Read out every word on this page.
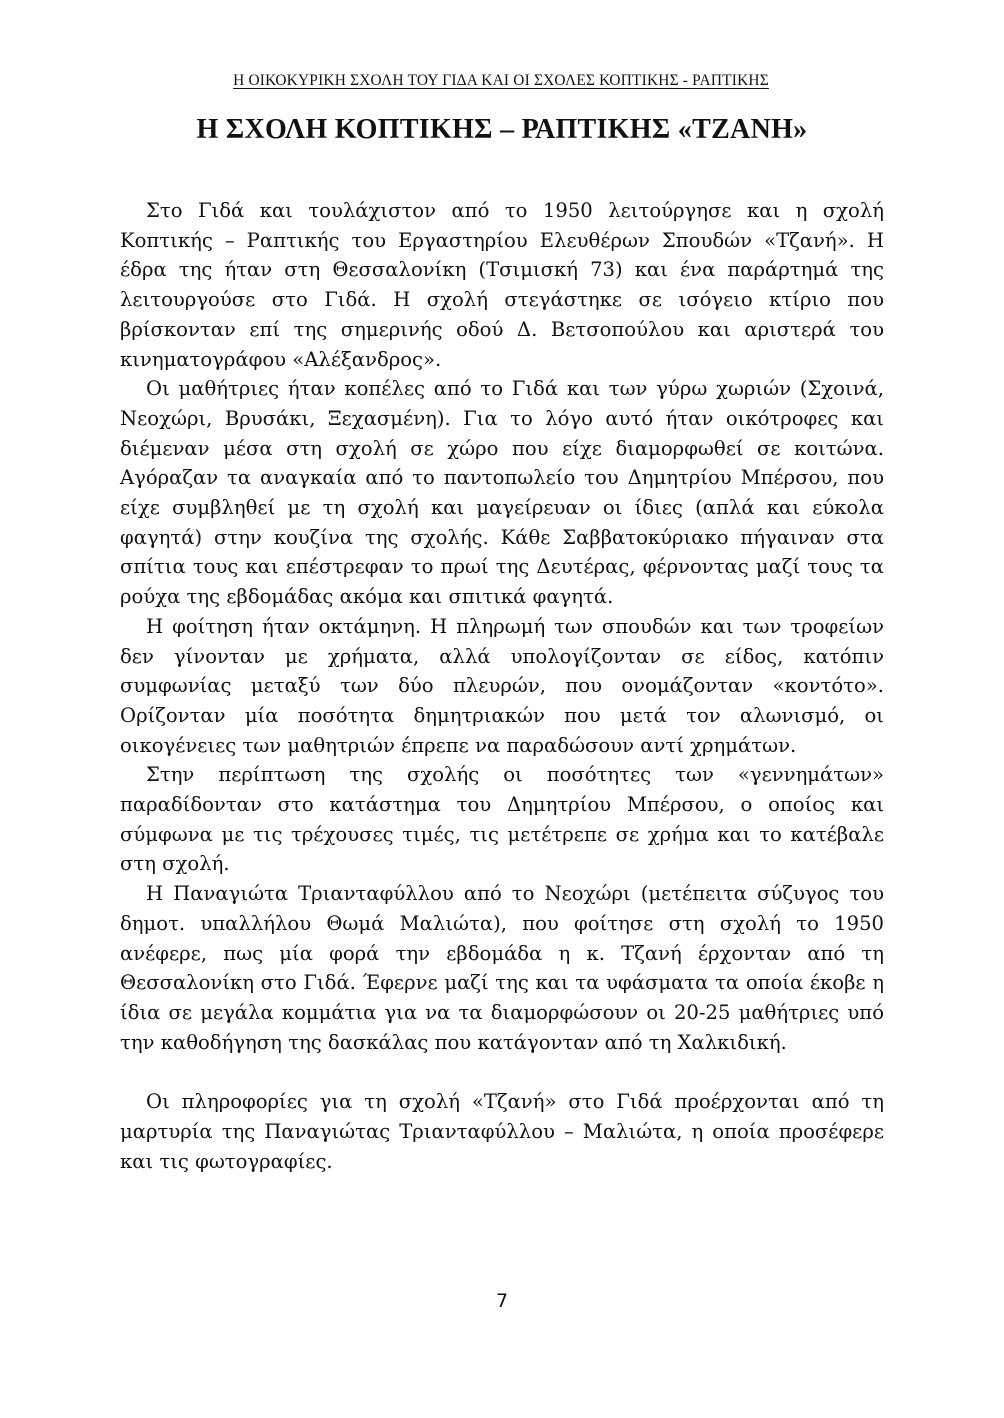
Η ΟΙΚΟΚΥΡΙΚΗ ΣΧΟΛΗ ΤΟΥ ΓΙΔΑ ΚΑΙ ΟΙ ΣΧΟΛΕΣ ΚΟΠΤΙΚΗΣ - ΡΑΠΤΙΚΗΣ
Η ΣΧΟΛΗ ΚΟΠΤΙΚΗΣ – ΡΑΠΤΙΚΗΣ «ΤΖΑΝΗ»

Στο Γιδά και τουλάχιστον από το 1950 λειτούργησε και η σχολή Κοπτικής – Ραπτικής του Εργαστηρίου Ελευθέρων Σπουδών «Τζανή». Η έδρα της ήταν στη Θεσσαλονίκη (Τσιμισκή 73) και ένα παράρτημά της λειτουργούσε στο Γιδά. Η σχολή στεγάστηκε σε ισόγειο κτίριο που βρίσκονταν επί της σημερινής οδού Δ. Βετσοπούλου και αριστερά του κινηματογράφου «Αλέξανδρος».

Οι μαθήτριες ήταν κοπέλες από το Γιδά και των γύρω χωριών (Σχοινά, Νεοχώρι, Βρυσάκι, Ξεχασμένη). Για το λόγο αυτό ήταν οικότροφες και διέμεναν μέσα στη σχολή σε χώρο που είχε διαμορφωθεί σε κοιτώνα. Αγόραζαν τα αναγκαία από το παντοπωλείο του Δημητρίου Μπέρσου, που είχε συμβληθεί με τη σχολή και μαγείρευαν οι ίδιες (απλά και εύκολα φαγητά) στην κουζίνα της σχολής. Κάθε Σαββατοκύριακο πήγαιναν στα σπίτια τους και επέστρεφαν το πρωί της Δευτέρας, φέρνοντας μαζί τους τα ρούχα της εβδομάδας ακόμα και σπιτικά φαγητά.

Η φοίτηση ήταν οκτάμηνη. Η πληρωμή των σπουδών και των τροφείων δεν γίνονταν με χρήματα, αλλά υπολογίζονταν σε είδος, κατόπιν συμφωνίας μεταξύ των δύο πλευρών, που ονομάζονταν «κοντότο». Ορίζονταν μία ποσότητα δημητριακών που μετά τον αλωνισμό, οι οικογένειες των μαθητριών έπρεπε να παραδώσουν αντί χρημάτων.

Στην περίπτωση της σχολής οι ποσότητες των «γεννημάτων» παραδίδονταν στο κατάστημα του Δημητρίου Μπέρσου, ο οποίος και σύμφωνα με τις τρέχουσες τιμές, τις μετέτρεπε σε χρήμα και το κατέβαλε στη σχολή.

Η Παναγιώτα Τριανταφύλλου από το Νεοχώρι (μετέπειτα σύζυγος του δημοτ. υπαλλήλου Θωμά Μαλιώτα), που φοίτησε στη σχολή το 1950 ανέφερε, πως μία φορά την εβδομάδα η κ. Τζανή έρχονταν από τη Θεσσαλονίκη στο Γιδά. Έφερνε μαζί της και τα υφάσματα τα οποία έκοβε η ίδια σε μεγάλα κομμάτια για να τα διαμορφώσουν οι 20-25 μαθήτριες υπό την καθοδήγηση της δασκάλας που κατάγονταν από τη Χαλκιδική.

Οι πληροφορίες για τη σχολή «Τζανή» στο Γιδά προέρχονται από τη μαρτυρία της Παναγιώτας Τριανταφύλλου – Μαλιώτα, η οποία προσέφερε και τις φωτογραφίες.

7
